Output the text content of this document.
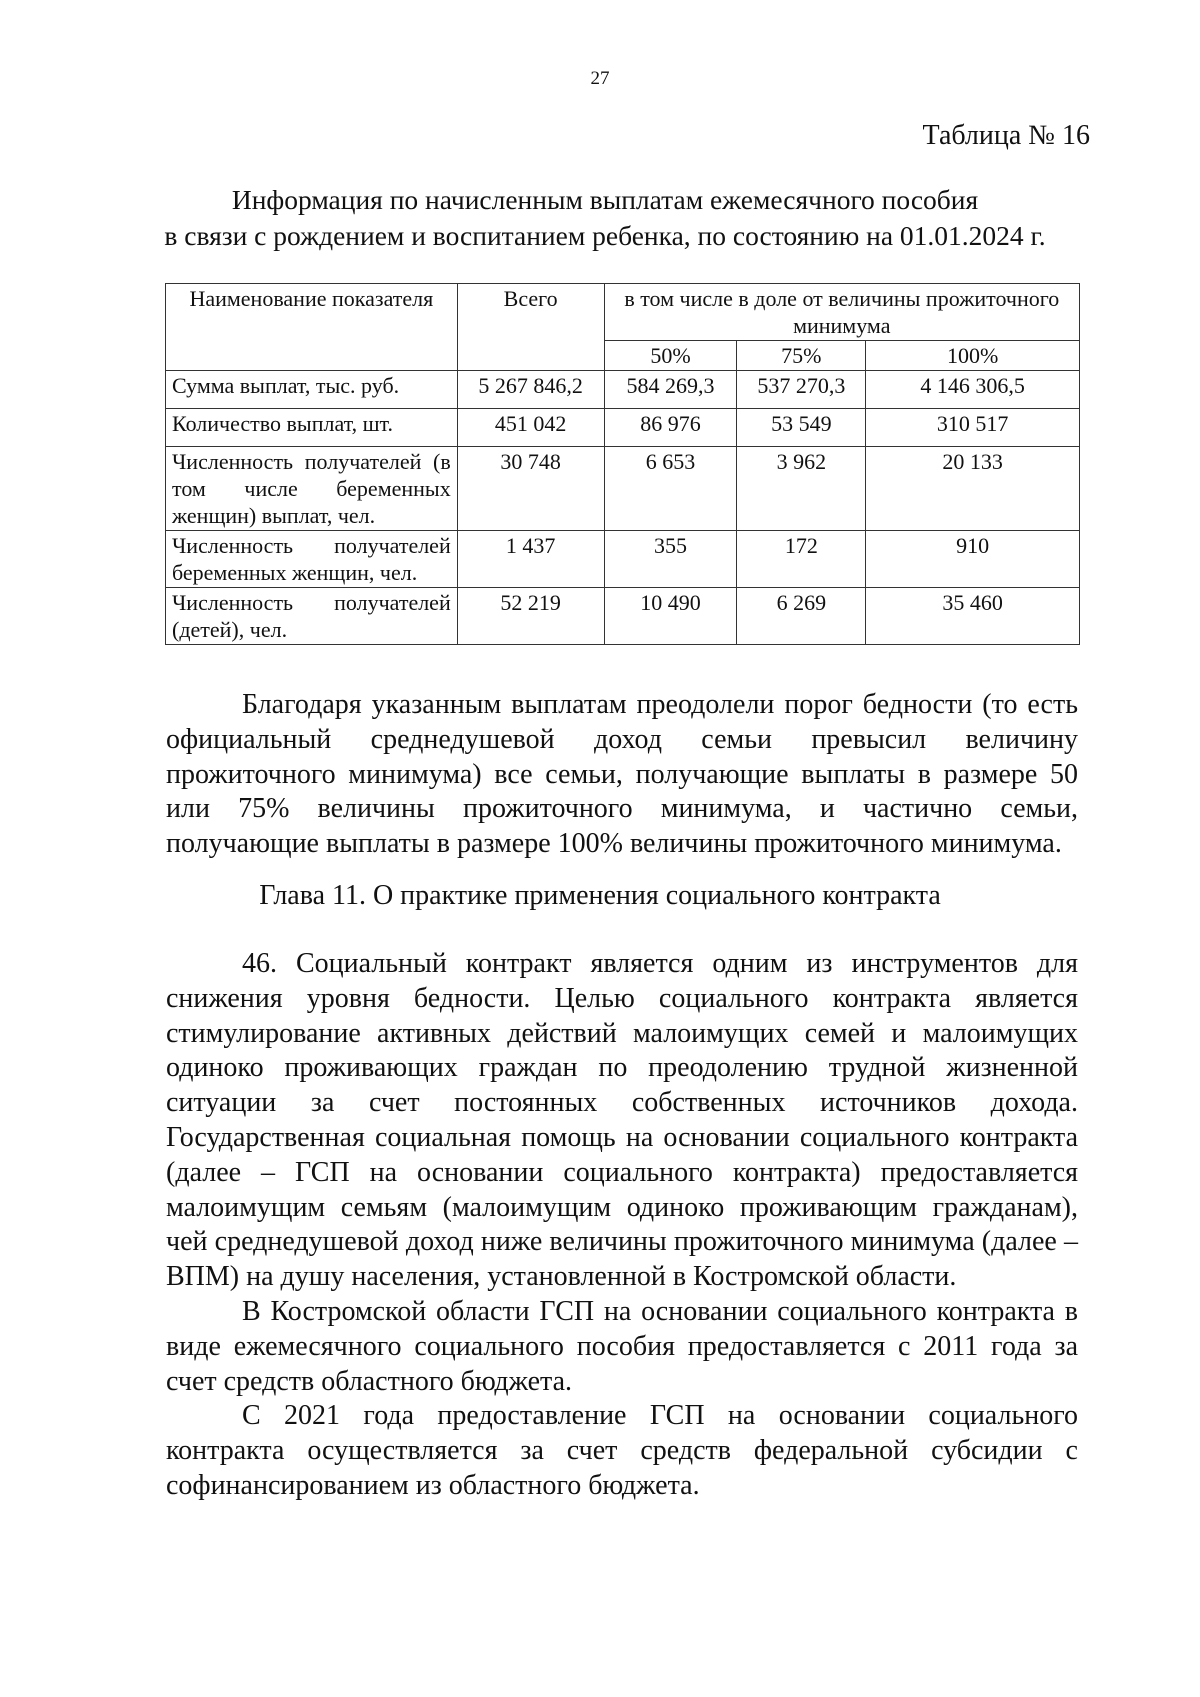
27
Таблица № 16
Информация по начисленным выплатам ежемесячного пособия
в связи с рождением и воспитанием ребенка, по состоянию на 01.01.2024 г.
Наименование показателя	Всего	в том числе в доле от величины прожиточного минимума		
		50%	75%	100%
Сумма выплат, тыс. руб.	5 267 846,2	584 269,3	537 270,3	4 146 306,5
Количество выплат, шт.	451 042	86 976	53 549	310 517
Численность получателей (в том числе беременных женщин) выплат, чел.	30 748	6 653	3 962	20 133
Численность получателей беременных женщин, чел.	1 437	355	172	910
Численность получателей (детей), чел.	52 219	10 490	6 269	35 460

Благодаря указанным выплатам преодолели порог бедности (то есть официальный среднедушевой доход семьи превысил величину прожиточного минимума) все семьи, получающие выплаты в размере 50 или 75% величины прожиточного минимума, и частично семьи, получающие выплаты в размере 100% величины прожиточного минимума.

Глава 11. О практике применения социального контракта

46. Социальный контракт является одним из инструментов для снижения уровня бедности. Целью социального контракта является стимулирование активных действий малоимущих семей и малоимущих одиноко проживающих граждан по преодолению трудной жизненной ситуации за счет постоянных собственных источников дохода. Государственная социальная помощь на основании социального контракта (далее – ГСП на основании социального контракта) предоставляется малоимущим семьям (малоимущим одиноко проживающим гражданам), чей среднедушевой доход ниже величины прожиточного минимума (далее – ВПМ) на душу населения, установленной в Костромской области.

В Костромской области ГСП на основании социального контракта в виде ежемесячного социального пособия предоставляется с 2011 года за счет средств областного бюджета.

С 2021 года предоставление ГСП на основании социального контракта осуществляется за счет средств федеральной субсидии с софинансированием из областного бюджета.
